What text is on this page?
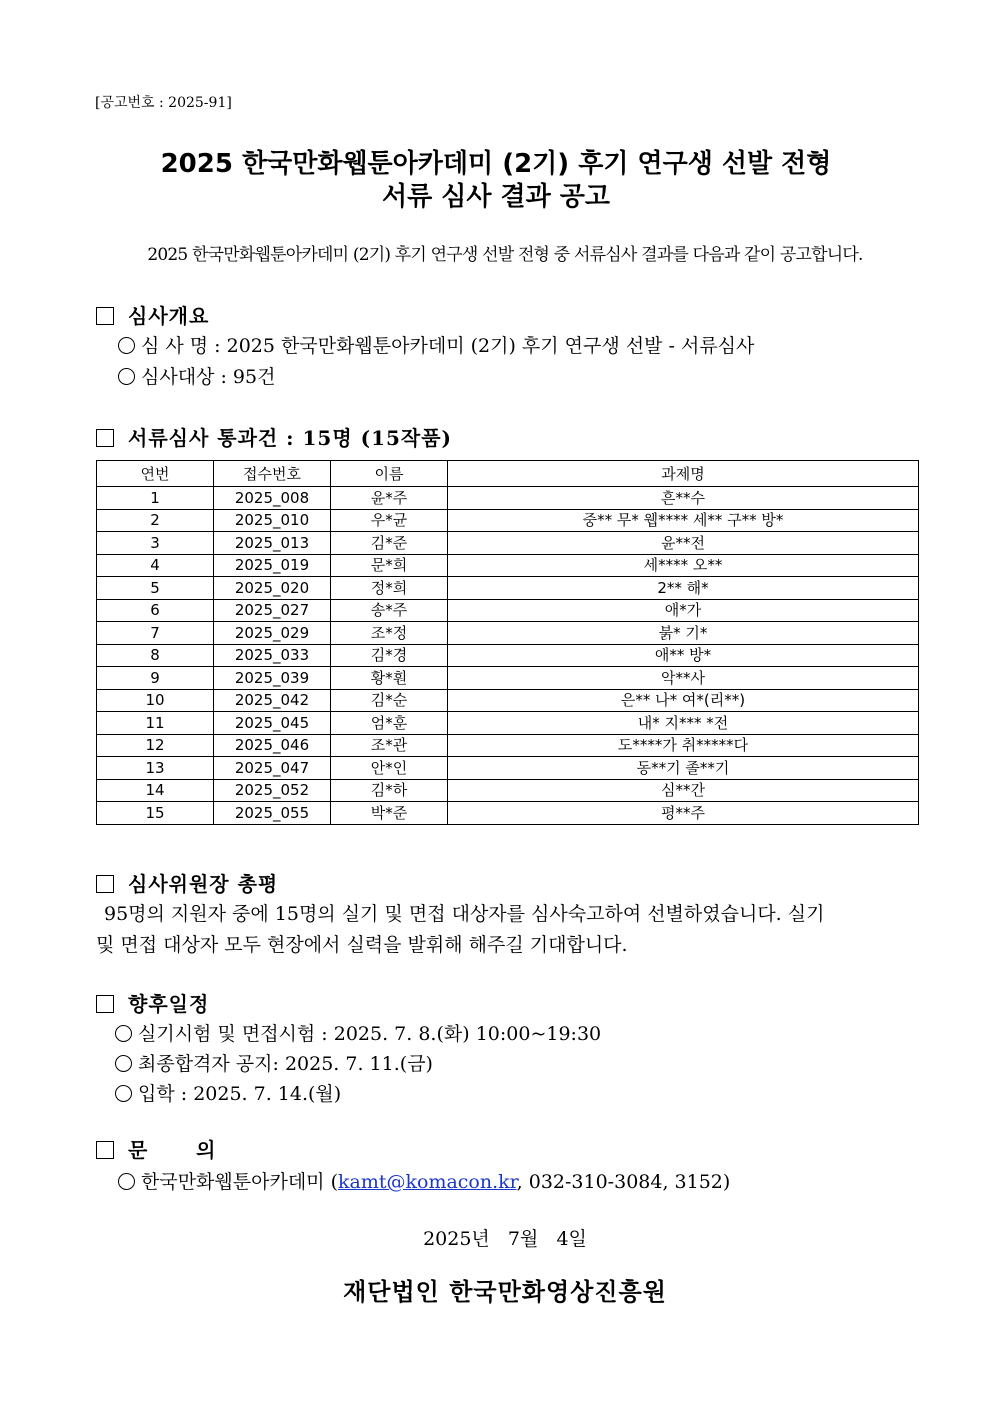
[공고번호 : 2025-91]
2025 한국만화웹툰아카데미 (2기) 후기 연구생 선발 전형
서류 심사 결과 공고
2025 한국만화웹툰아카데미 (2기) 후기 연구생 선발 전형 중 서류심사 결과를 다음과 같이 공고합니다.
심사개요
심 사 명 : 2025 한국만화웹툰아카데미 (2기) 후기 연구생 선발 - 서류심사
심사대상 : 95건
서류심사 통과건 : 15명 (15작품)
연번	접수번호	이름	과제명
1	2025_008	윤*주	흔**수
2	2025_010	우*균	중** 무* 웹**** 세** 구** 방*
3	2025_013	김*준	윤**전
4	2025_019	문*희	세**** 오**
5	2025_020	정*희	2** 해*
6	2025_027	송*주	애*가
7	2025_029	조*정	붉* 기*
8	2025_033	김*경	애** 방*
9	2025_039	황*훤	악**사
10	2025_042	김*순	은** 나* 여*(리**)
11	2025_045	엄*훈	내* 지*** *전
12	2025_046	조*관	도****가 취*****다
13	2025_047	안*인	동**기 졸**기
14	2025_052	김*하	심**간
15	2025_055	박*준	평**주
심사위원장 총평
95명의 지원자 중에 15명의 실기 및 면접 대상자를 심사숙고하여 선별하였습니다. 실기
및 면접 대상자 모두 현장에서 실력을 발휘해 해주길 기대합니다.
향후일정
실기시험 및 면접시험 : 2025. 7. 8.(화) 10:00~19:30
최종합격자 공지: 2025. 7. 11.(금)
입학 : 2025. 7. 14.(월)
문      의
한국만화웹툰아카데미 (kamt@komacon.kr, 032-310-3084, 3152)
2025년   7월   4일
재단법인 한국만화영상진흥원
